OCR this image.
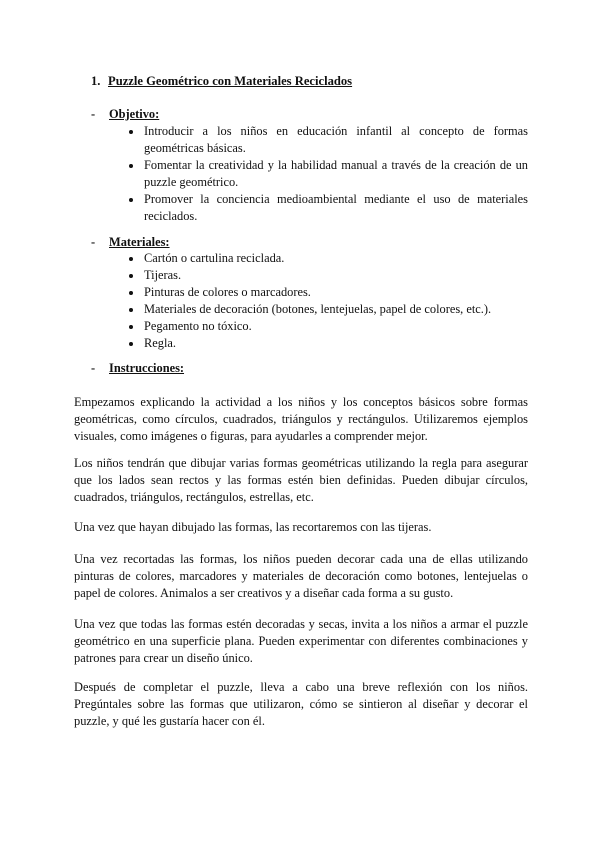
1. Puzzle Geométrico con Materiales Reciclados
- Objetivo:
Introducir a los niños en educación infantil al concepto de formas geométricas básicas.
Fomentar la creatividad y la habilidad manual a través de la creación de un puzzle geométrico.
Promover la conciencia medioambiental mediante el uso de materiales reciclados.
- Materiales:
Cartón o cartulina reciclada.
Tijeras.
Pinturas de colores o marcadores.
Materiales de decoración (botones, lentejuelas, papel de colores, etc.).
Pegamento no tóxico.
Regla.
- Instrucciones:

Empezamos explicando la actividad a los niños y los conceptos básicos sobre formas geométricas, como círculos, cuadrados, triángulos y rectángulos. Utilizaremos ejemplos visuales, como imágenes o figuras, para ayudarles a comprender mejor.

Los niños tendrán que dibujar varias formas geométricas utilizando la regla para asegurar que los lados sean rectos y las formas estén bien definidas. Pueden dibujar círculos, cuadrados, triángulos, rectángulos, estrellas, etc.

Una vez que hayan dibujado las formas, las recortaremos con las tijeras.

Una vez recortadas las formas, los niños pueden decorar cada una de ellas utilizando pinturas de colores, marcadores y materiales de decoración como botones, lentejuelas o papel de colores. Animalos a ser creativos y a diseñar cada forma a su gusto.

Una vez que todas las formas estén decoradas y secas, invita a los niños a armar el puzzle geométrico en una superficie plana. Pueden experimentar con diferentes combinaciones y patrones para crear un diseño único.

Después de completar el puzzle, lleva a cabo una breve reflexión con los niños. Pregúntales sobre las formas que utilizaron, cómo se sintieron al diseñar y decorar el puzzle, y qué les gustaría hacer con él.
